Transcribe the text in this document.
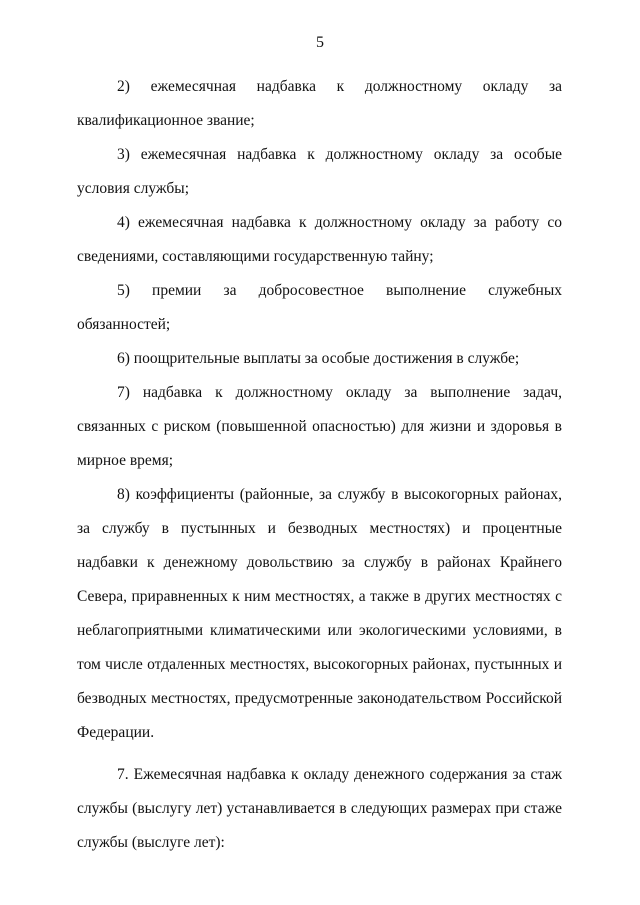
5

2) ежемесячная надбавка к должностному окладу за квалификационное звание;

3) ежемесячная надбавка к должностному окладу за особые условия службы;

4) ежемесячная надбавка к должностному окладу за работу со сведениями, составляющими государственную тайну;

5) премии за добросовестное выполнение служебных обязанностей;

6) поощрительные выплаты за особые достижения в службе;

7) надбавка к должностному окладу за выполнение задач, связанных с риском (повышенной опасностью) для жизни и здоровья в мирное время;

8) коэффициенты (районные, за службу в высокогорных районах, за службу в пустынных и безводных местностях) и процентные надбавки к денежному довольствию за службу в районах Крайнего Севера, приравненных к ним местностях, а также в других местностях с неблагоприятными климатическими или экологическими условиями, в том числе отдаленных местностях, высокогорных районах, пустынных и безводных местностях, предусмотренные законодательством Российской Федерации.

7. Ежемесячная надбавка к окладу денежного содержания за стаж службы (выслугу лет) устанавливается в следующих размерах при стаже службы (выслуге лет):
